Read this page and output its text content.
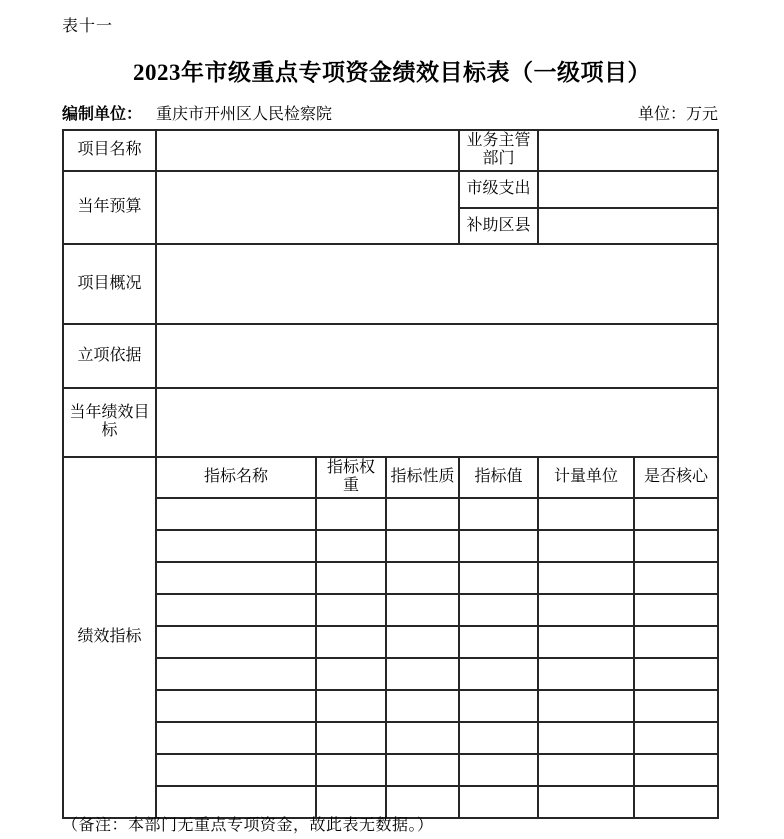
表十一
2023年市级重点专项资金绩效目标表（一级项目）
编制单位： 重庆市开州区人民检察院	单位：万元
项目名称				业务主管部门		
当年预算				市级支出		
				补助区县		
项目概况						
立项依据						
当年绩效目标						
绩效指标	指标名称	指标权重	指标性质	指标值	计量单位	是否核心

（备注：本部门无重点专项资金，故此表无数据。）
